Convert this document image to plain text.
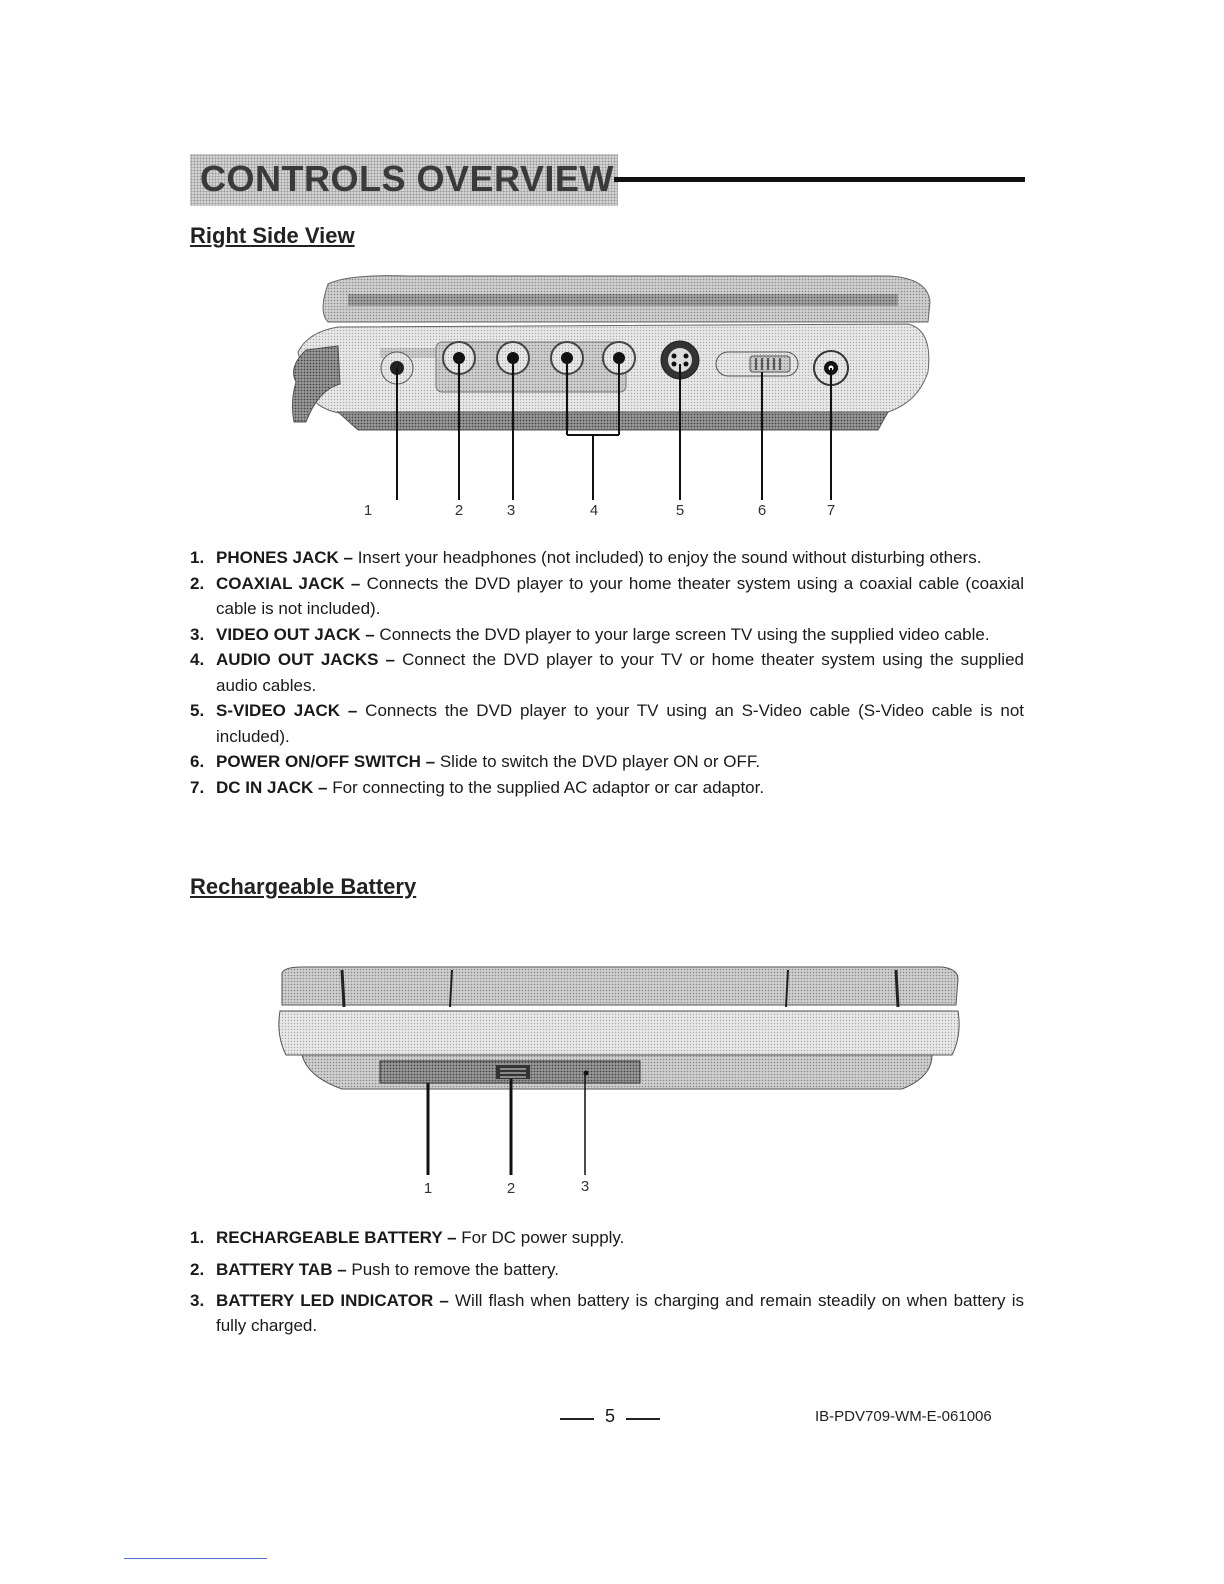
CONTROLS OVERVIEW
Right Side View
1	2	3	4	5	6	7
1. PHONES JACK – Insert your headphones (not included) to enjoy the sound without disturbing others.
2. COAXIAL JACK – Connects the DVD player to your home theater system using a coaxial cable (coaxial cable is not included).
3. VIDEO OUT JACK – Connects the DVD player to your large screen TV using the supplied video cable.
4. AUDIO OUT JACKS – Connect the DVD player to your TV or home theater system using the supplied audio cables.
5. S-VIDEO JACK – Connects the DVD player to your TV using an S-Video cable (S-Video cable is not included).
6. POWER ON/OFF SWITCH – Slide to switch the DVD player ON or OFF.
7. DC IN JACK – For connecting to the supplied AC adaptor or car adaptor.
Rechargeable Battery
1	2	3
1. RECHARGEABLE BATTERY – For DC power supply.
2. BATTERY TAB – Push to remove the battery.
3. BATTERY LED INDICATOR – Will flash when battery is charging and remain steadily on when battery is fully charged.
5	IB-PDV709-WM-E-061006
